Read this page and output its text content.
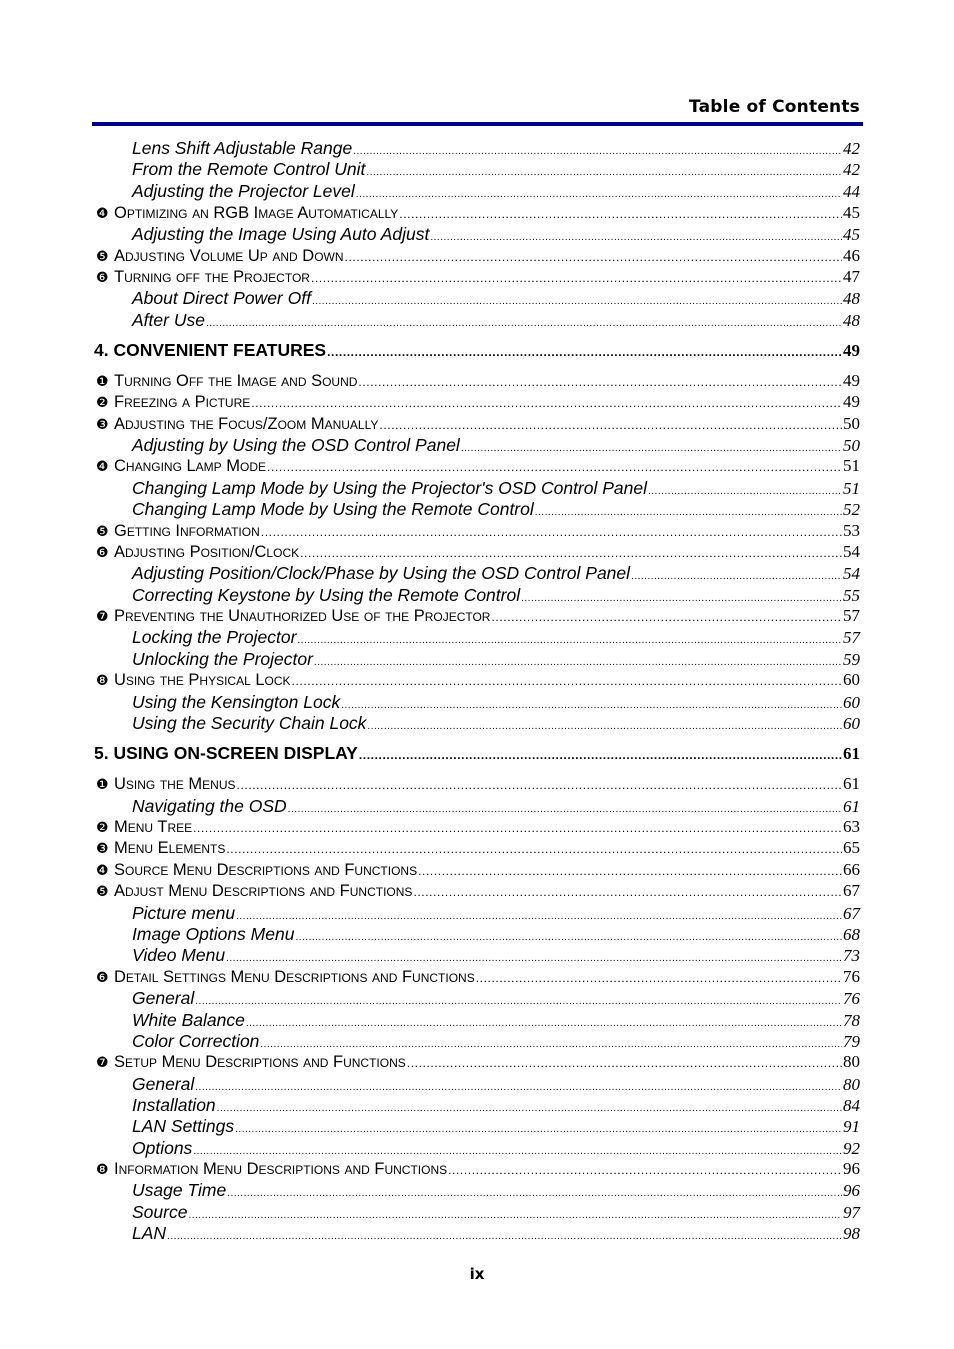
Table of Contents
Lens Shift Adjustable Range .....	42
From the Remote Control Unit .....	42
Adjusting the Projector Level .....	44
❹ Optimizing an RGB Image Automatically .....	45
Adjusting the Image Using Auto Adjust .....	45
❺ Adjusting Volume Up and Down .....	46
❻ Turning off the Projector .....	47
About Direct Power Off .....	48
After Use .....	48
4. CONVENIENT FEATURES .....	49
❶ Turning Off the Image and Sound .....	49
❷ Freezing a Picture .....	49
❸ Adjusting the Focus/Zoom Manually .....	50
Adjusting by Using the OSD Control Panel .....	50
❹ Changing Lamp Mode .....	51
Changing Lamp Mode by Using the Projector's OSD Control Panel .....	51
Changing Lamp Mode by Using the Remote Control .....	52
❺ Getting Information .....	53
❻ Adjusting Position/Clock .....	54
Adjusting Position/Clock/Phase by Using the OSD Control Panel .....	54
Correcting Keystone by Using the Remote Control .....	55
❼ Preventing the Unauthorized Use of the Projector .....	57
Locking the Projector .....	57
Unlocking the Projector .....	59
❽ Using the Physical Lock .....	60
Using the Kensington Lock .....	60
Using the Security Chain Lock .....	60
5. USING ON-SCREEN DISPLAY .....	61
❶ Using the Menus .....	61
Navigating the OSD .....	61
❷ Menu Tree .....	63
❸ Menu Elements .....	65
❹ Source Menu Descriptions and Functions .....	66
❺ Adjust Menu Descriptions and Functions .....	67
Picture menu .....	67
Image Options Menu .....	68
Video Menu .....	73
❻ Detail Settings Menu Descriptions and Functions .....	76
General .....	76
White Balance .....	78
Color Correction .....	79
❼ Setup Menu Descriptions and Functions .....	80
General .....	80
Installation .....	84
LAN Settings .....	91
Options .....	92
❽ Information Menu Descriptions and Functions .....	96
Usage Time .....	96
Source .....	97
LAN .....	98
ix
